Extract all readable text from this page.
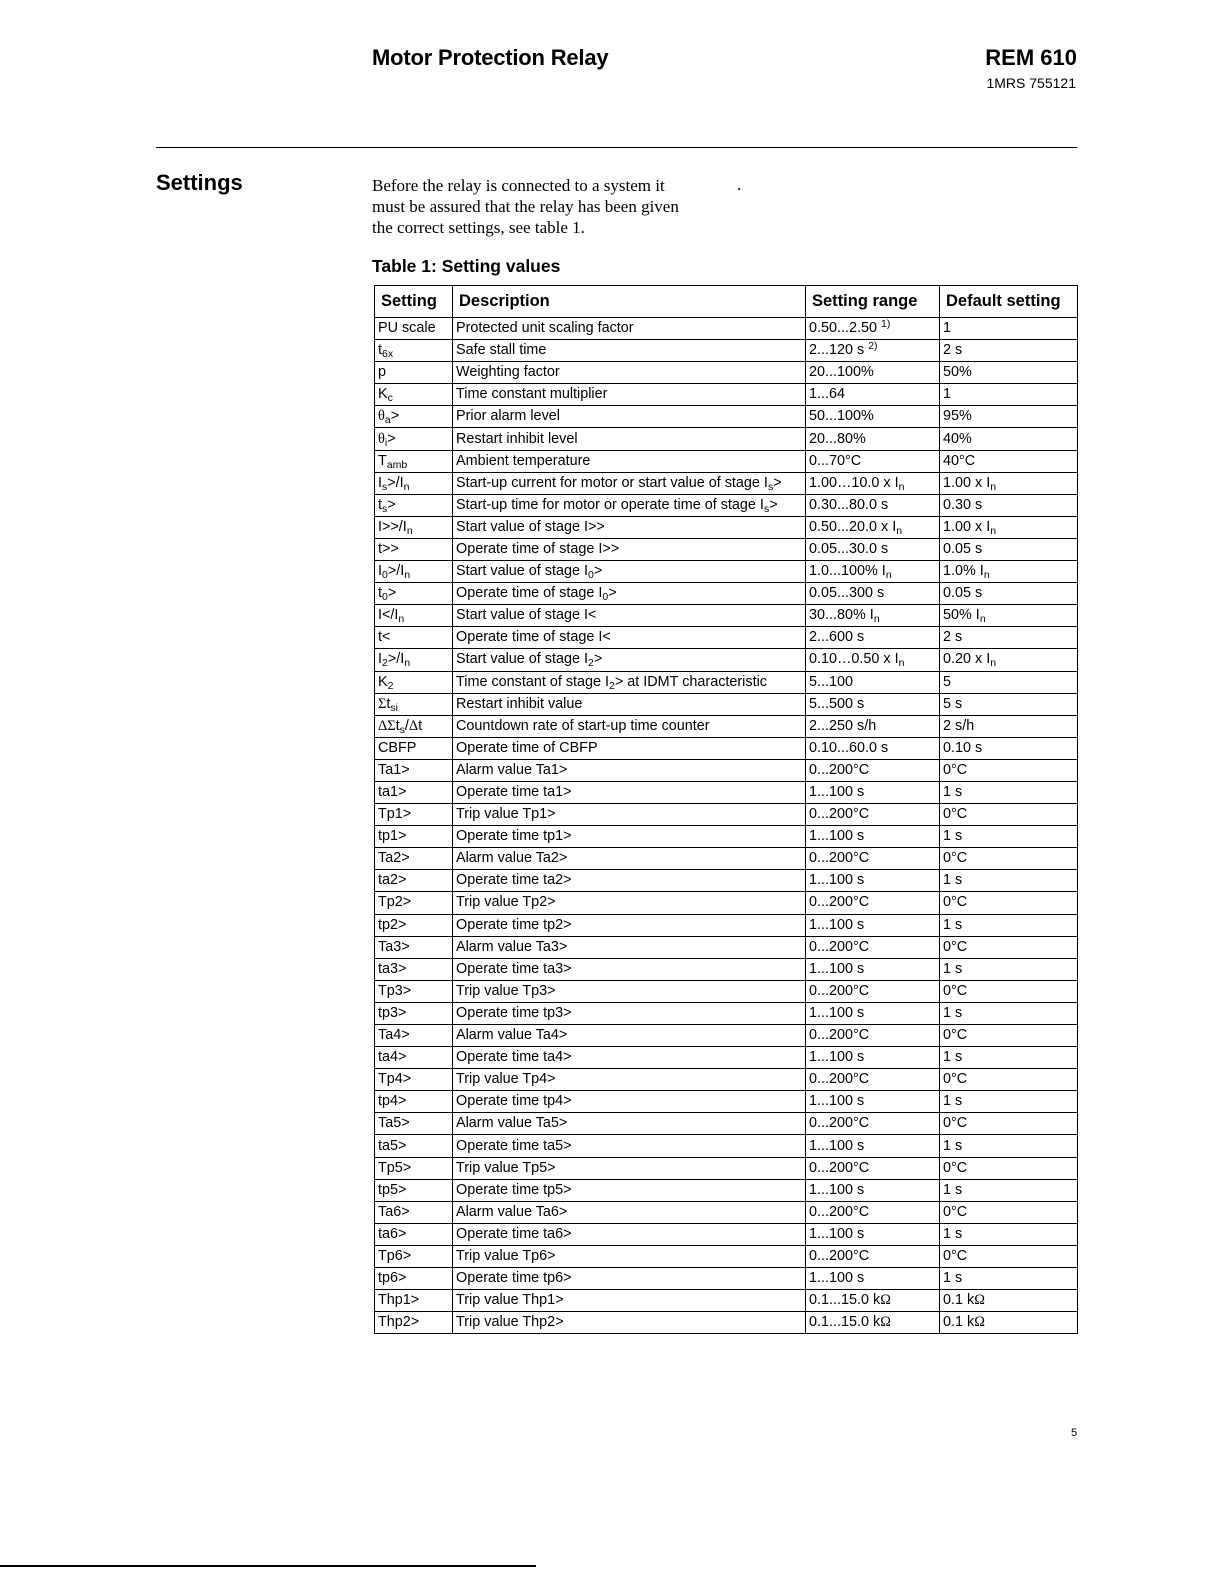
Motor Protection Relay	REM 610
1MRS 755121
Settings	Before the relay is connected to a system it
must be assured that the relay has been given
the correct settings, see table 1.
.
Table 1: Setting values
Setting	Description	Setting range	Default setting
PU scale	Protected unit scaling factor	0.50...2.50 $^{1)}$	1
$t_{6x}$	Safe stall time	2...120 s $^{2)}$	2 s
p	Weighting factor	20...100%	50%
$K_c$	Time constant multiplier	1...64	1
$\theta_a>$	Prior alarm level	50...100%	95%
$\theta_i>$	Restart inhibit level	20...80%	40%
$T_{amb}$	Ambient temperature	0...70°C	40°C
$I_s>/I_n$	Start-up current for motor or start value of stage $I_s>$	1.00…10.0 x $I_n$	1.00 x $I_n$
$t_s>$	Start-up time for motor or operate time of stage $I_s>$	0.30...80.0 s	0.30 s
$I>>/I_n$	Start value of stage I>>	0.50...20.0 x $I_n$	1.00 x $I_n$
t>>	Operate time of stage I>>	0.05...30.0 s	0.05 s
$I_0>/I_n$	Start value of stage $I_0>$	1.0...100% $I_n$	1.0% $I_n$
$t_0>$	Operate time of stage $I_0>$	0.05...300 s	0.05 s
$I</I_n$	Start value of stage I<	30...80% $I_n$	50% $I_n$
t<	Operate time of stage I<	2...600 s	2 s
$I_2>/I_n$	Start value of stage $I_2>$	0.10…0.50 x $I_n$	0.20 x $I_n$
$K_2$	Time constant of stage $I_2>$ at IDMT characteristic	5...100	5
$\Sigma t_{si}$	Restart inhibit value	5...500 s	5 s
ΔΣt$_s$/Δt	Countdown rate of start-up time counter	2...250 s/h	2 s/h
CBFP	Operate time of CBFP	0.10...60.0 s	0.10 s
Ta1>	Alarm value Ta1>	0...200°C	0°C
ta1>	Operate time ta1>	1...100 s	1 s
Tp1>	Trip value Tp1>	0...200°C	0°C
tp1>	Operate time tp1>	1...100 s	1 s
Ta2>	Alarm value Ta2>	0...200°C	0°C
ta2>	Operate time ta2>	1...100 s	1 s
Tp2>	Trip value Tp2>	0...200°C	0°C
tp2>	Operate time tp2>	1...100 s	1 s
Ta3>	Alarm value Ta3>	0...200°C	0°C
ta3>	Operate time ta3>	1...100 s	1 s
Tp3>	Trip value Tp3>	0...200°C	0°C
tp3>	Operate time tp3>	1...100 s	1 s
Ta4>	Alarm value Ta4>	0...200°C	0°C
ta4>	Operate time ta4>	1...100 s	1 s
Tp4>	Trip value Tp4>	0...200°C	0°C
tp4>	Operate time tp4>	1...100 s	1 s
Ta5>	Alarm value Ta5>	0...200°C	0°C
ta5>	Operate time ta5>	1...100 s	1 s
Tp5>	Trip value Tp5>	0...200°C	0°C
tp5>	Operate time tp5>	1...100 s	1 s
Ta6>	Alarm value Ta6>	0...200°C	0°C
ta6>	Operate time ta6>	1...100 s	1 s
Tp6>	Trip value Tp6>	0...200°C	0°C
tp6>	Operate time tp6>	1...100 s	1 s
Thp1>	Trip value Thp1>	0.1...15.0 kΩ	0.1 kΩ
Thp2>	Trip value Thp2>	0.1...15.0 kΩ	0.1 kΩ
5
